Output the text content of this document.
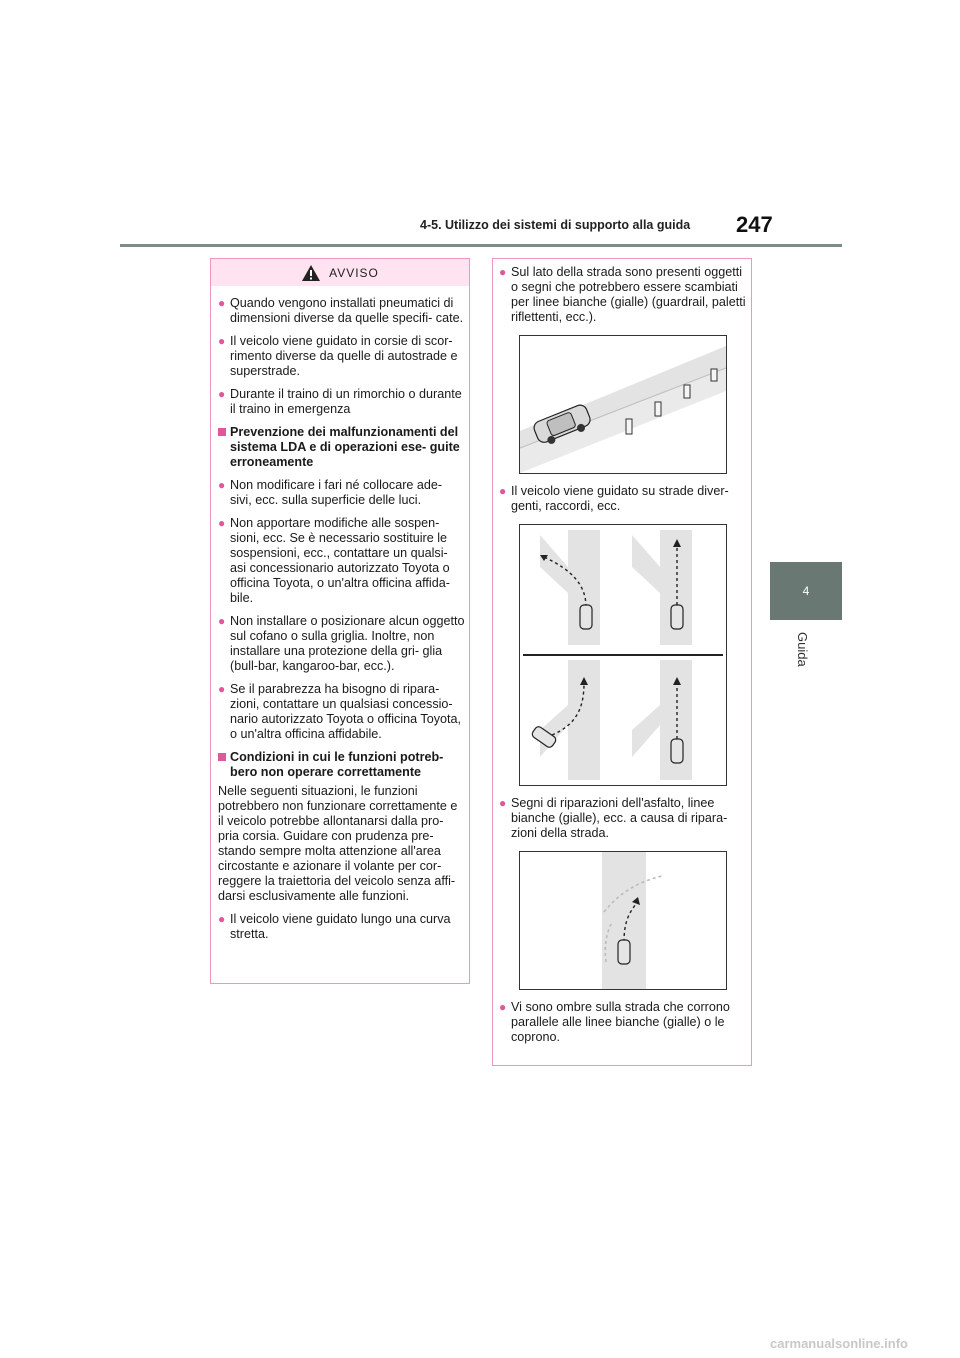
4-5. Utilizzo dei sistemi di supporto alla guida 247
4
Guida
AVVISO
● Quando vengono installati pneumatici di dimensioni diverse da quelle specifi- cate.
● Il veicolo viene guidato in corsie di scor- rimento diverse da quelle di autostrade e superstrade.
● Durante il traino di un rimorchio o durante il traino in emergenza
Prevenzione dei malfunzionamenti del sistema LDA e di operazioni ese- guite erroneamente
● Non modificare i fari né collocare ade- sivi, ecc. sulla superficie delle luci.
● Non apportare modifiche alle sospen- sioni, ecc. Se è necessario sostituire le sospensioni, ecc., contattare un qualsi- asi concessionario autorizzato Toyota o officina Toyota, o un'altra officina affida- bile.
● Non installare o posizionare alcun oggetto sul cofano o sulla griglia. Inoltre, non installare una protezione della gri- glia (bull-bar, kangaroo-bar, ecc.).
● Se il parabrezza ha bisogno di ripara- zioni, contattare un qualsiasi concessio- nario autorizzato Toyota o officina Toyota, o un'altra officina affidabile.
Condizioni in cui le funzioni potreb- bero non operare correttamente
Nelle seguenti situazioni, le funzioni potrebbero non funzionare correttamente e il veicolo potrebbe allontanarsi dalla pro- pria corsia. Guidare con prudenza pre- stando sempre molta attenzione all'area circostante e azionare il volante per cor- reggere la traiettoria del veicolo senza affi- darsi esclusivamente alle funzioni.
● Il veicolo viene guidato lungo una curva stretta.
● Sul lato della strada sono presenti oggetti o segni che potrebbero essere scambiati per linee bianche (gialle) (guardrail, paletti riflettenti, ecc.).
● Il veicolo viene guidato su strade diver- genti, raccordi, ecc.
● Segni di riparazioni dell'asfalto, linee bianche (gialle), ecc. a causa di ripara- zioni della strada.
● Vi sono ombre sulla strada che corrono parallele alle linee bianche (gialle) o le coprono.
carmanualsonline.info
